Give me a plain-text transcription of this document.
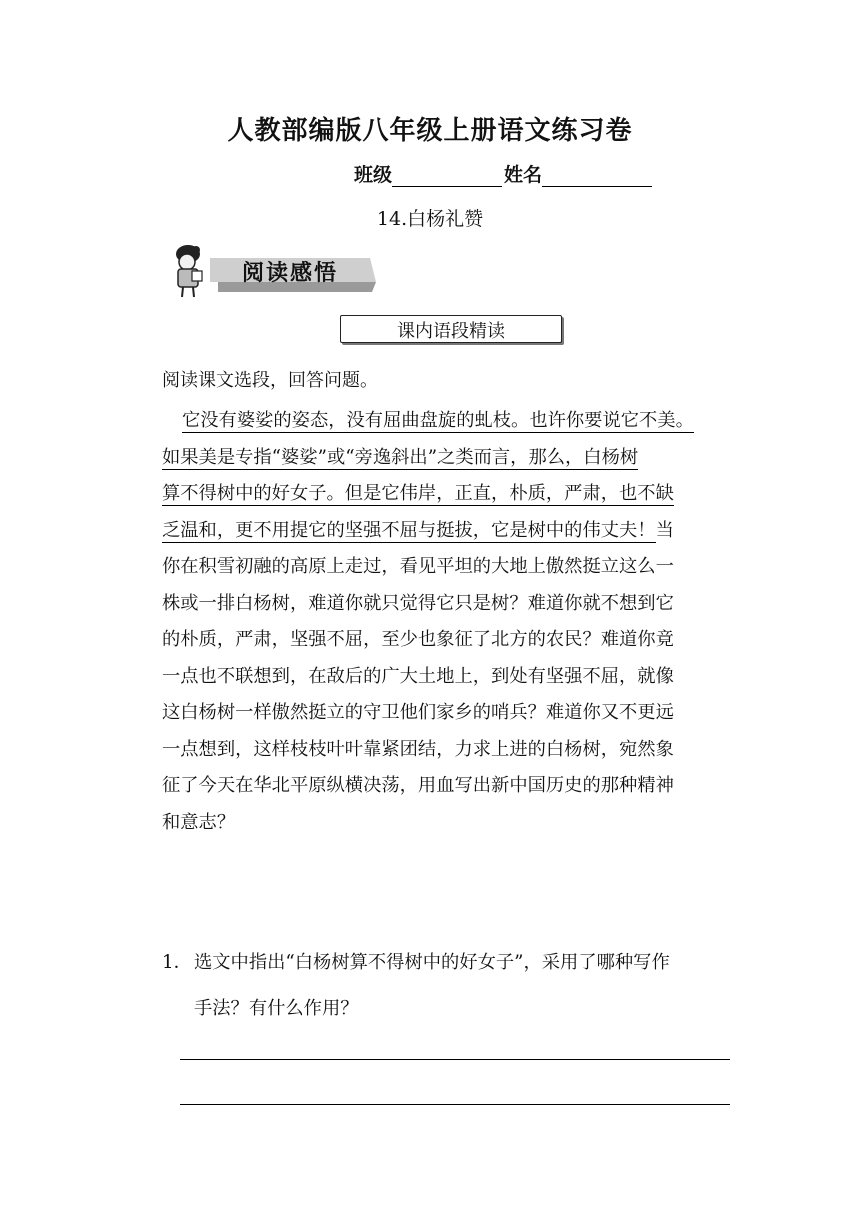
人教部编版八年级上册语文练习卷
班级	姓名
14.白杨礼赞
阅读感悟
课内语段精读
阅读课文选段，回答问题。
它没有婆娑的姿态，没有屈曲盘旋的虬枝。也许你要说它不美。
如果美是专指“婆娑”或“旁逸斜出”之类而言，那么，白杨树
算不得树中的好女子。但是它伟岸，正直，朴质，严肃，也不缺
乏温和，更不用提它的坚强不屈与挺拔，它是树中的伟丈夫！当
你在积雪初融的高原上走过，看见平坦的大地上傲然挺立这么一
株或一排白杨树，难道你就只觉得它只是树？难道你就不想到它
的朴质，严肃，坚强不屈，至少也象征了北方的农民？难道你竟
一点也不联想到，在敌后的广大土地上，到处有坚强不屈，就像
这白杨树一样傲然挺立的守卫他们家乡的哨兵？难道你又不更远
一点想到，这样枝枝叶叶靠紧团结，力求上进的白杨树，宛然象
征了今天在华北平原纵横决荡，用血写出新中国历史的那种精神
和意志？
1． 选文中指出“白杨树算不得树中的好女子”，采用了哪种写作
手法？有什么作用？
